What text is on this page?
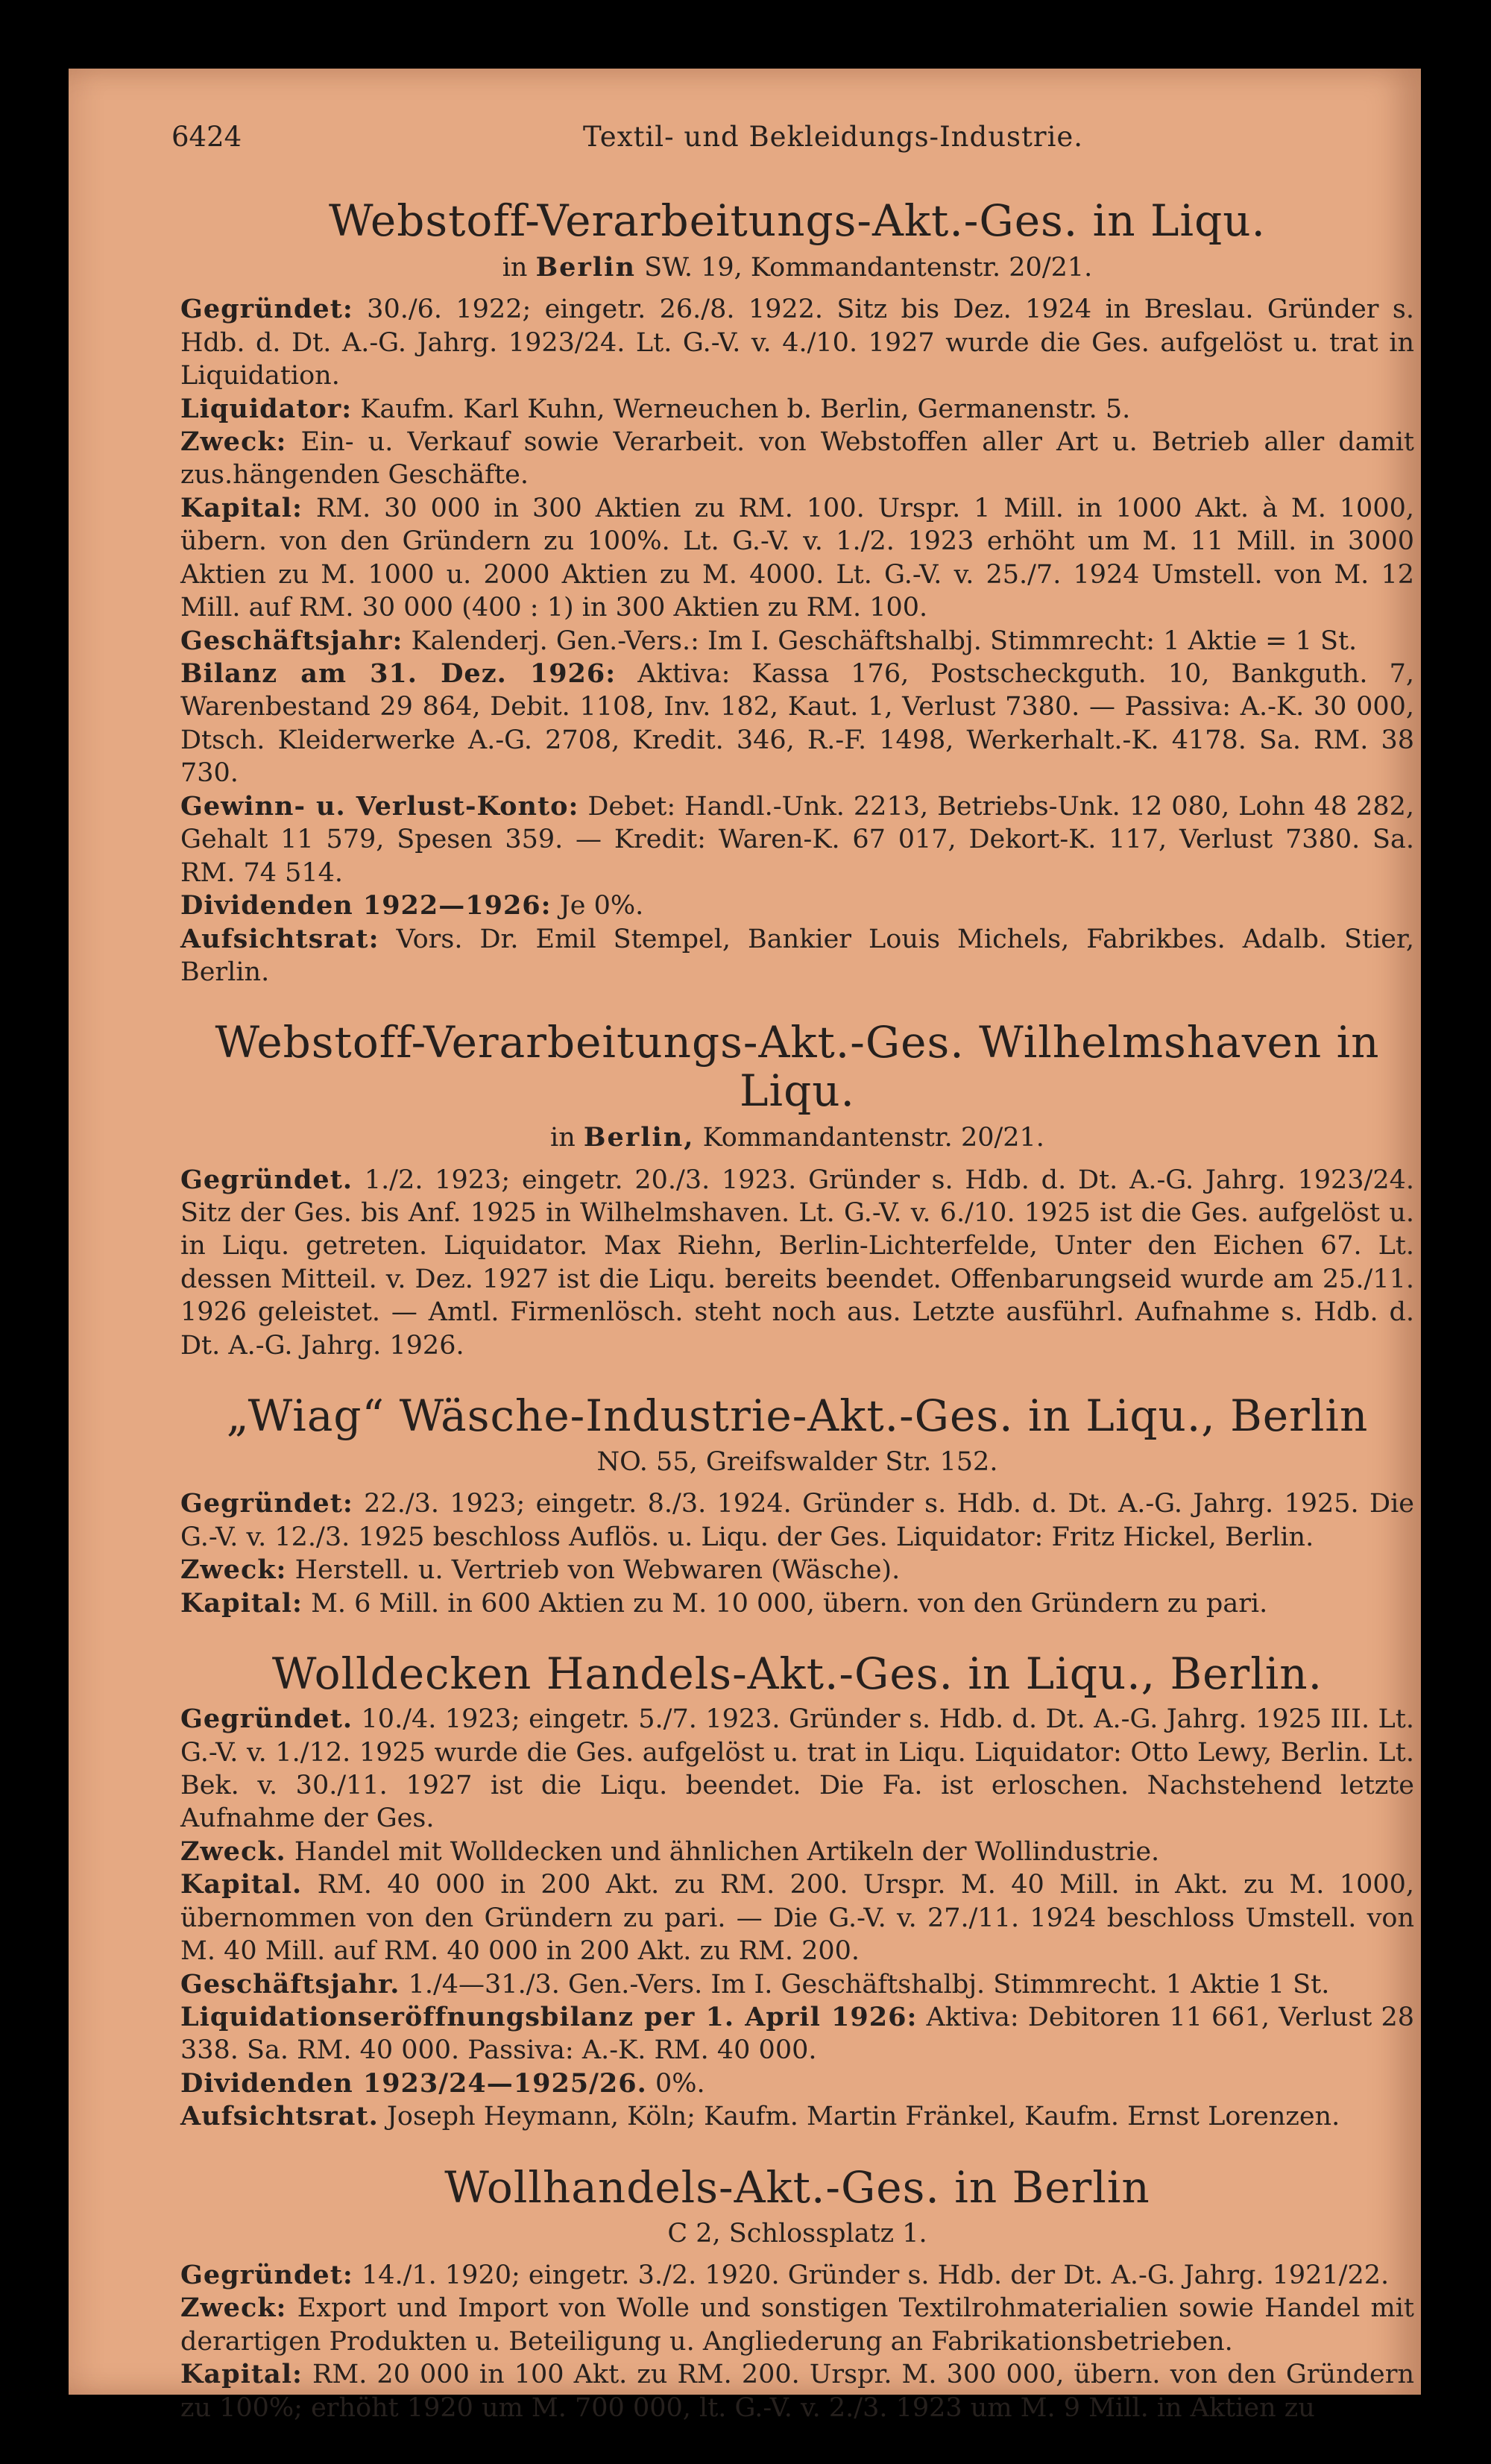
6424	Textil- und Bekleidungs-Industrie.
Webstoff-Verarbeitungs-Akt.-Ges. in Liqu.
in Berlin SW. 19, Kommandantenstr. 20/21.

Gegründet: 30./6. 1922; eingetr. 26./8. 1922. Sitz bis Dez. 1924 in Breslau. Gründer s. Hdb. d. Dt. A.-G. Jahrg. 1923/24. Lt. G.-V. v. 4./10. 1927 wurde die Ges. aufgelöst u. trat in Liquidation.

Liquidator: Kaufm. Karl Kuhn, Werneuchen b. Berlin, Germanenstr. 5.

Zweck: Ein- u. Verkauf sowie Verarbeit. von Webstoffen aller Art u. Betrieb aller damit zus.hängenden Geschäfte.

Kapital: RM. 30 000 in 300 Aktien zu RM. 100. Urspr. 1 Mill. in 1000 Akt. à M. 1000, übern. von den Gründern zu 100%. Lt. G.-V. v. 1./2. 1923 erhöht um M. 11 Mill. in 3000 Aktien zu M. 1000 u. 2000 Aktien zu M. 4000. Lt. G.-V. v. 25./7. 1924 Umstell. von M. 12 Mill. auf RM. 30 000 (400 : 1) in 300 Aktien zu RM. 100.

Geschäftsjahr: Kalenderj. Gen.-Vers.: Im I. Geschäftshalbj. Stimmrecht: 1 Aktie = 1 St.

Bilanz am 31. Dez. 1926: Aktiva: Kassa 176, Postscheckguth. 10, Bankguth. 7, Warenbestand 29 864, Debit. 1108, Inv. 182, Kaut. 1, Verlust 7380. — Passiva: A.-K. 30 000, Dtsch. Kleiderwerke A.-G. 2708, Kredit. 346, R.-F. 1498, Werkerhalt.-K. 4178. Sa. RM. 38 730.

Gewinn- u. Verlust-Konto: Debet: Handl.-Unk. 2213, Betriebs-Unk. 12 080, Lohn 48 282, Gehalt 11 579, Spesen 359. — Kredit: Waren-K. 67 017, Dekort-K. 117, Verlust 7380. Sa. RM. 74 514.

Dividenden 1922—1926: Je 0%.

Aufsichtsrat: Vors. Dr. Emil Stempel, Bankier Louis Michels, Fabrikbes. Adalb. Stier, Berlin.

Webstoff-Verarbeitungs-Akt.-Ges. Wilhelmshaven in Liqu.
in Berlin, Kommandantenstr. 20/21.

Gegründet. 1./2. 1923; eingetr. 20./3. 1923. Gründer s. Hdb. d. Dt. A.-G. Jahrg. 1923/24. Sitz der Ges. bis Anf. 1925 in Wilhelmshaven. Lt. G.-V. v. 6./10. 1925 ist die Ges. aufgelöst u. in Liqu. getreten. Liquidator. Max Riehn, Berlin-Lichterfelde, Unter den Eichen 67. Lt. dessen Mitteil. v. Dez. 1927 ist die Liqu. bereits beendet. Offenbarungseid wurde am 25./11. 1926 geleistet. — Amtl. Firmenlösch. steht noch aus. Letzte ausführl. Aufnahme s. Hdb. d. Dt. A.-G. Jahrg. 1926.

„Wiag“ Wäsche-Industrie-Akt.-Ges. in Liqu., Berlin
NO. 55, Greifswalder Str. 152.

Gegründet: 22./3. 1923; eingetr. 8./3. 1924. Gründer s. Hdb. d. Dt. A.-G. Jahrg. 1925. Die G.-V. v. 12./3. 1925 beschloss Auflös. u. Liqu. der Ges. Liquidator: Fritz Hickel, Berlin.

Zweck: Herstell. u. Vertrieb von Webwaren (Wäsche).

Kapital: M. 6 Mill. in 600 Aktien zu M. 10 000, übern. von den Gründern zu pari.

Wolldecken Handels-Akt.-Ges. in Liqu., Berlin.

Gegründet. 10./4. 1923; eingetr. 5./7. 1923. Gründer s. Hdb. d. Dt. A.-G. Jahrg. 1925 III. Lt. G.-V. v. 1./12. 1925 wurde die Ges. aufgelöst u. trat in Liqu. Liquidator: Otto Lewy, Berlin. Lt. Bek. v. 30./11. 1927 ist die Liqu. beendet. Die Fa. ist erloschen. Nachstehend letzte Aufnahme der Ges.

Zweck. Handel mit Wolldecken und ähnlichen Artikeln der Wollindustrie.

Kapital. RM. 40 000 in 200 Akt. zu RM. 200. Urspr. M. 40 Mill. in Akt. zu M. 1000, übernommen von den Gründern zu pari. — Die G.-V. v. 27./11. 1924 beschloss Umstell. von M. 40 Mill. auf RM. 40 000 in 200 Akt. zu RM. 200.

Geschäftsjahr. 1./4—31./3. Gen.-Vers. Im I. Geschäftshalbj. Stimmrecht. 1 Aktie 1 St.

Liquidationseröffnungsbilanz per 1. April 1926: Aktiva: Debitoren 11 661, Verlust 28 338. Sa. RM. 40 000. Passiva: A.-K. RM. 40 000.

Dividenden 1923/24—1925/26. 0%.

Aufsichtsrat. Joseph Heymann, Köln; Kaufm. Martin Fränkel, Kaufm. Ernst Lorenzen.

Wollhandels-Akt.-Ges. in Berlin
C 2, Schlossplatz 1.

Gegründet: 14./1. 1920; eingetr. 3./2. 1920. Gründer s. Hdb. der Dt. A.-G. Jahrg. 1921/22.

Zweck: Export und Import von Wolle und sonstigen Textilrohmaterialien sowie Handel mit derartigen Produkten u. Beteiligung u. Angliederung an Fabrikationsbetrieben.

Kapital: RM. 20 000 in 100 Akt. zu RM. 200. Urspr. M. 300 000, übern. von den Gründern zu 100%; erhöht 1920 um M. 700 000, lt. G.-V. v. 2./3. 1923 um M. 9 Mill. in Aktien zu
